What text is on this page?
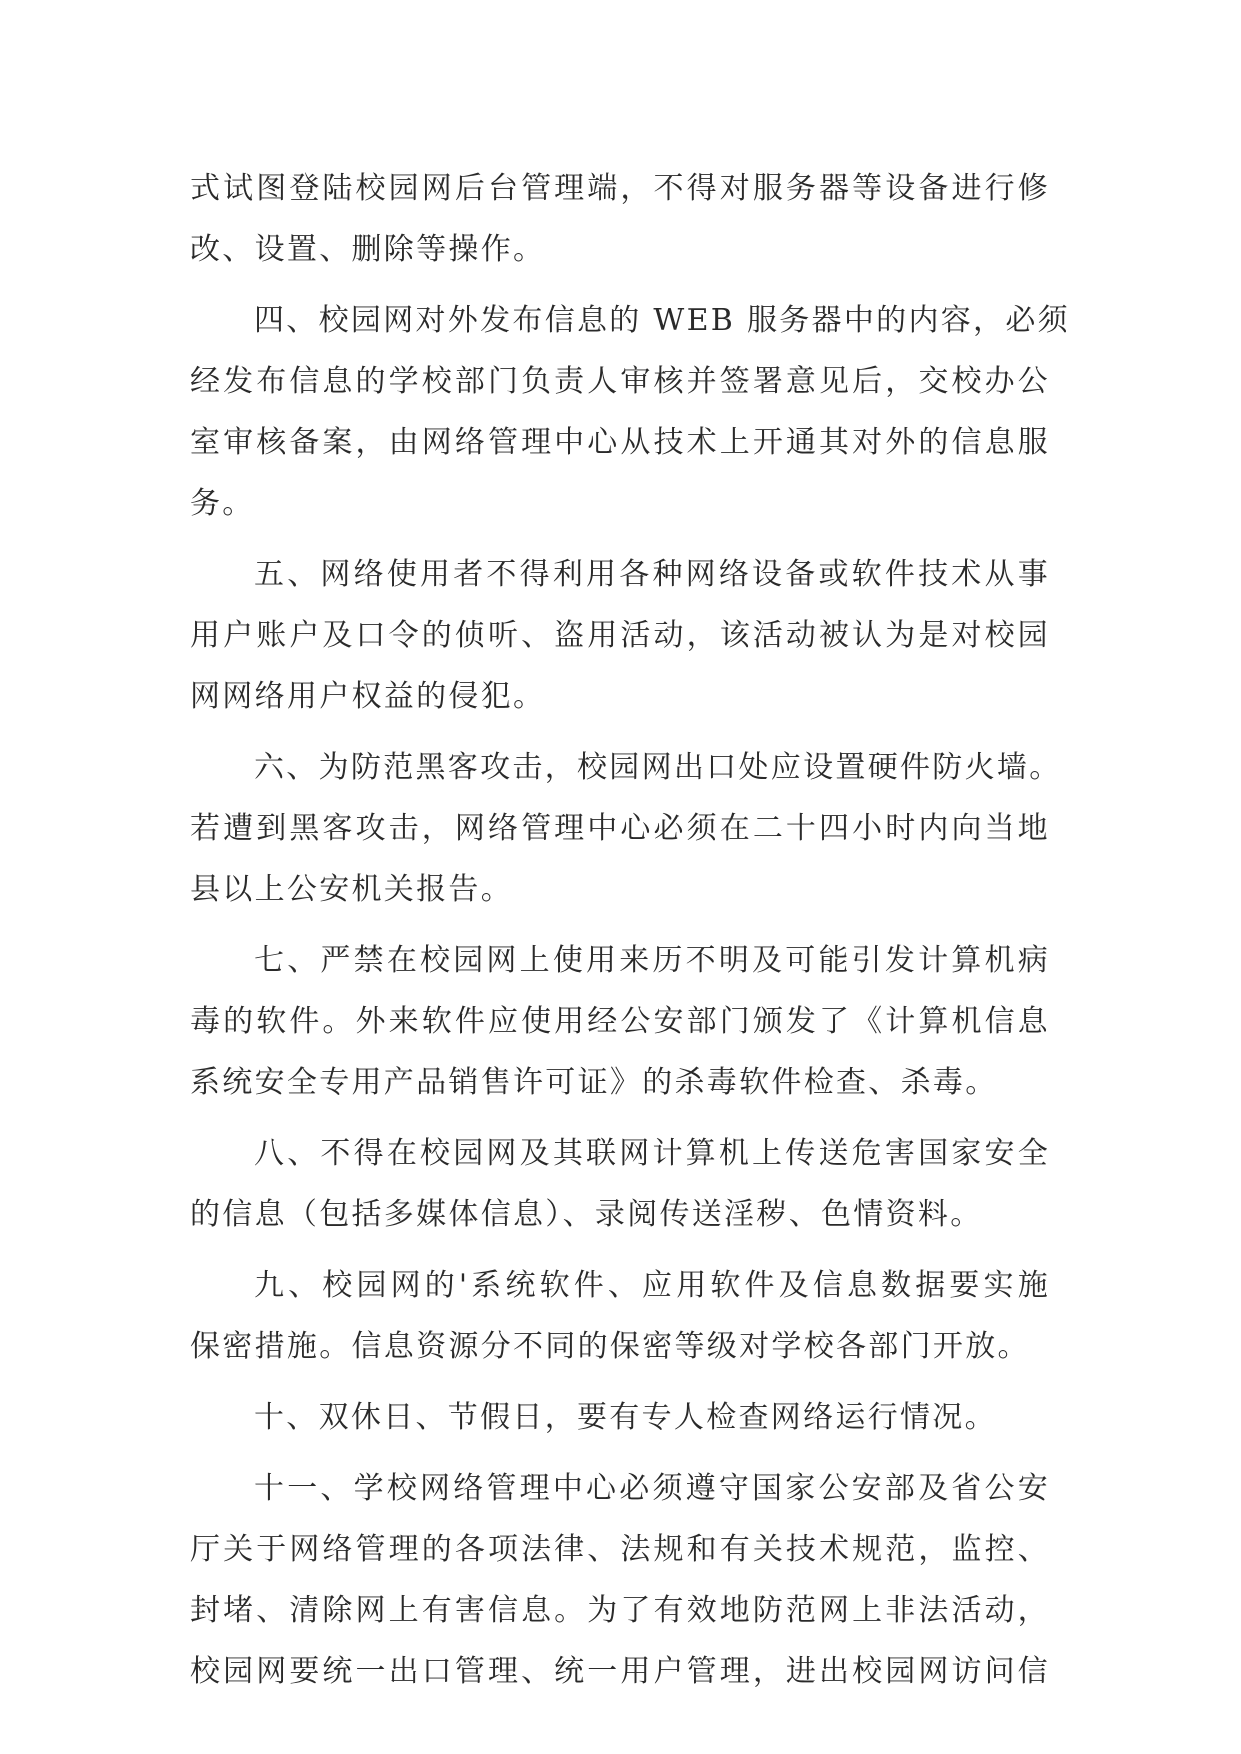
式试图登陆校园网后台管理端，不得对服务器等设备进行修
改、设置、删除等操作。

四、校园网对外发布信息的 WEB 服务器中的内容，必须
经发布信息的学校部门负责人审核并签署意见后，交校办公
室审核备案，由网络管理中心从技术上开通其对外的信息服
务。

五、网络使用者不得利用各种网络设备或软件技术从事
用户账户及口令的侦听、盗用活动，该活动被认为是对校园
网网络用户权益的侵犯。

六、为防范黑客攻击，校园网出口处应设置硬件防火墙。
若遭到黑客攻击，网络管理中心必须在二十四小时内向当地
县以上公安机关报告。

七、严禁在校园网上使用来历不明及可能引发计算机病
毒的软件。外来软件应使用经公安部门颁发了《计算机信息
系统安全专用产品销售许可证》的杀毒软件检查、杀毒。

八、不得在校园网及其联网计算机上传送危害国家安全
的信息（包括多媒体信息）、录阅传送淫秽、色情资料。

九、校园网的'系统软件、应用软件及信息数据要实施
保密措施。信息资源分不同的保密等级对学校各部门开放。

十、双休日、节假日，要有专人检查网络运行情况。

十一、学校网络管理中心必须遵守国家公安部及省公安
厅关于网络管理的各项法律、法规和有关技术规范，监控、
封堵、清除网上有害信息。为了有效地防范网上非法活动，
校园网要统一出口管理、统一用户管理，进出校园网访问信
